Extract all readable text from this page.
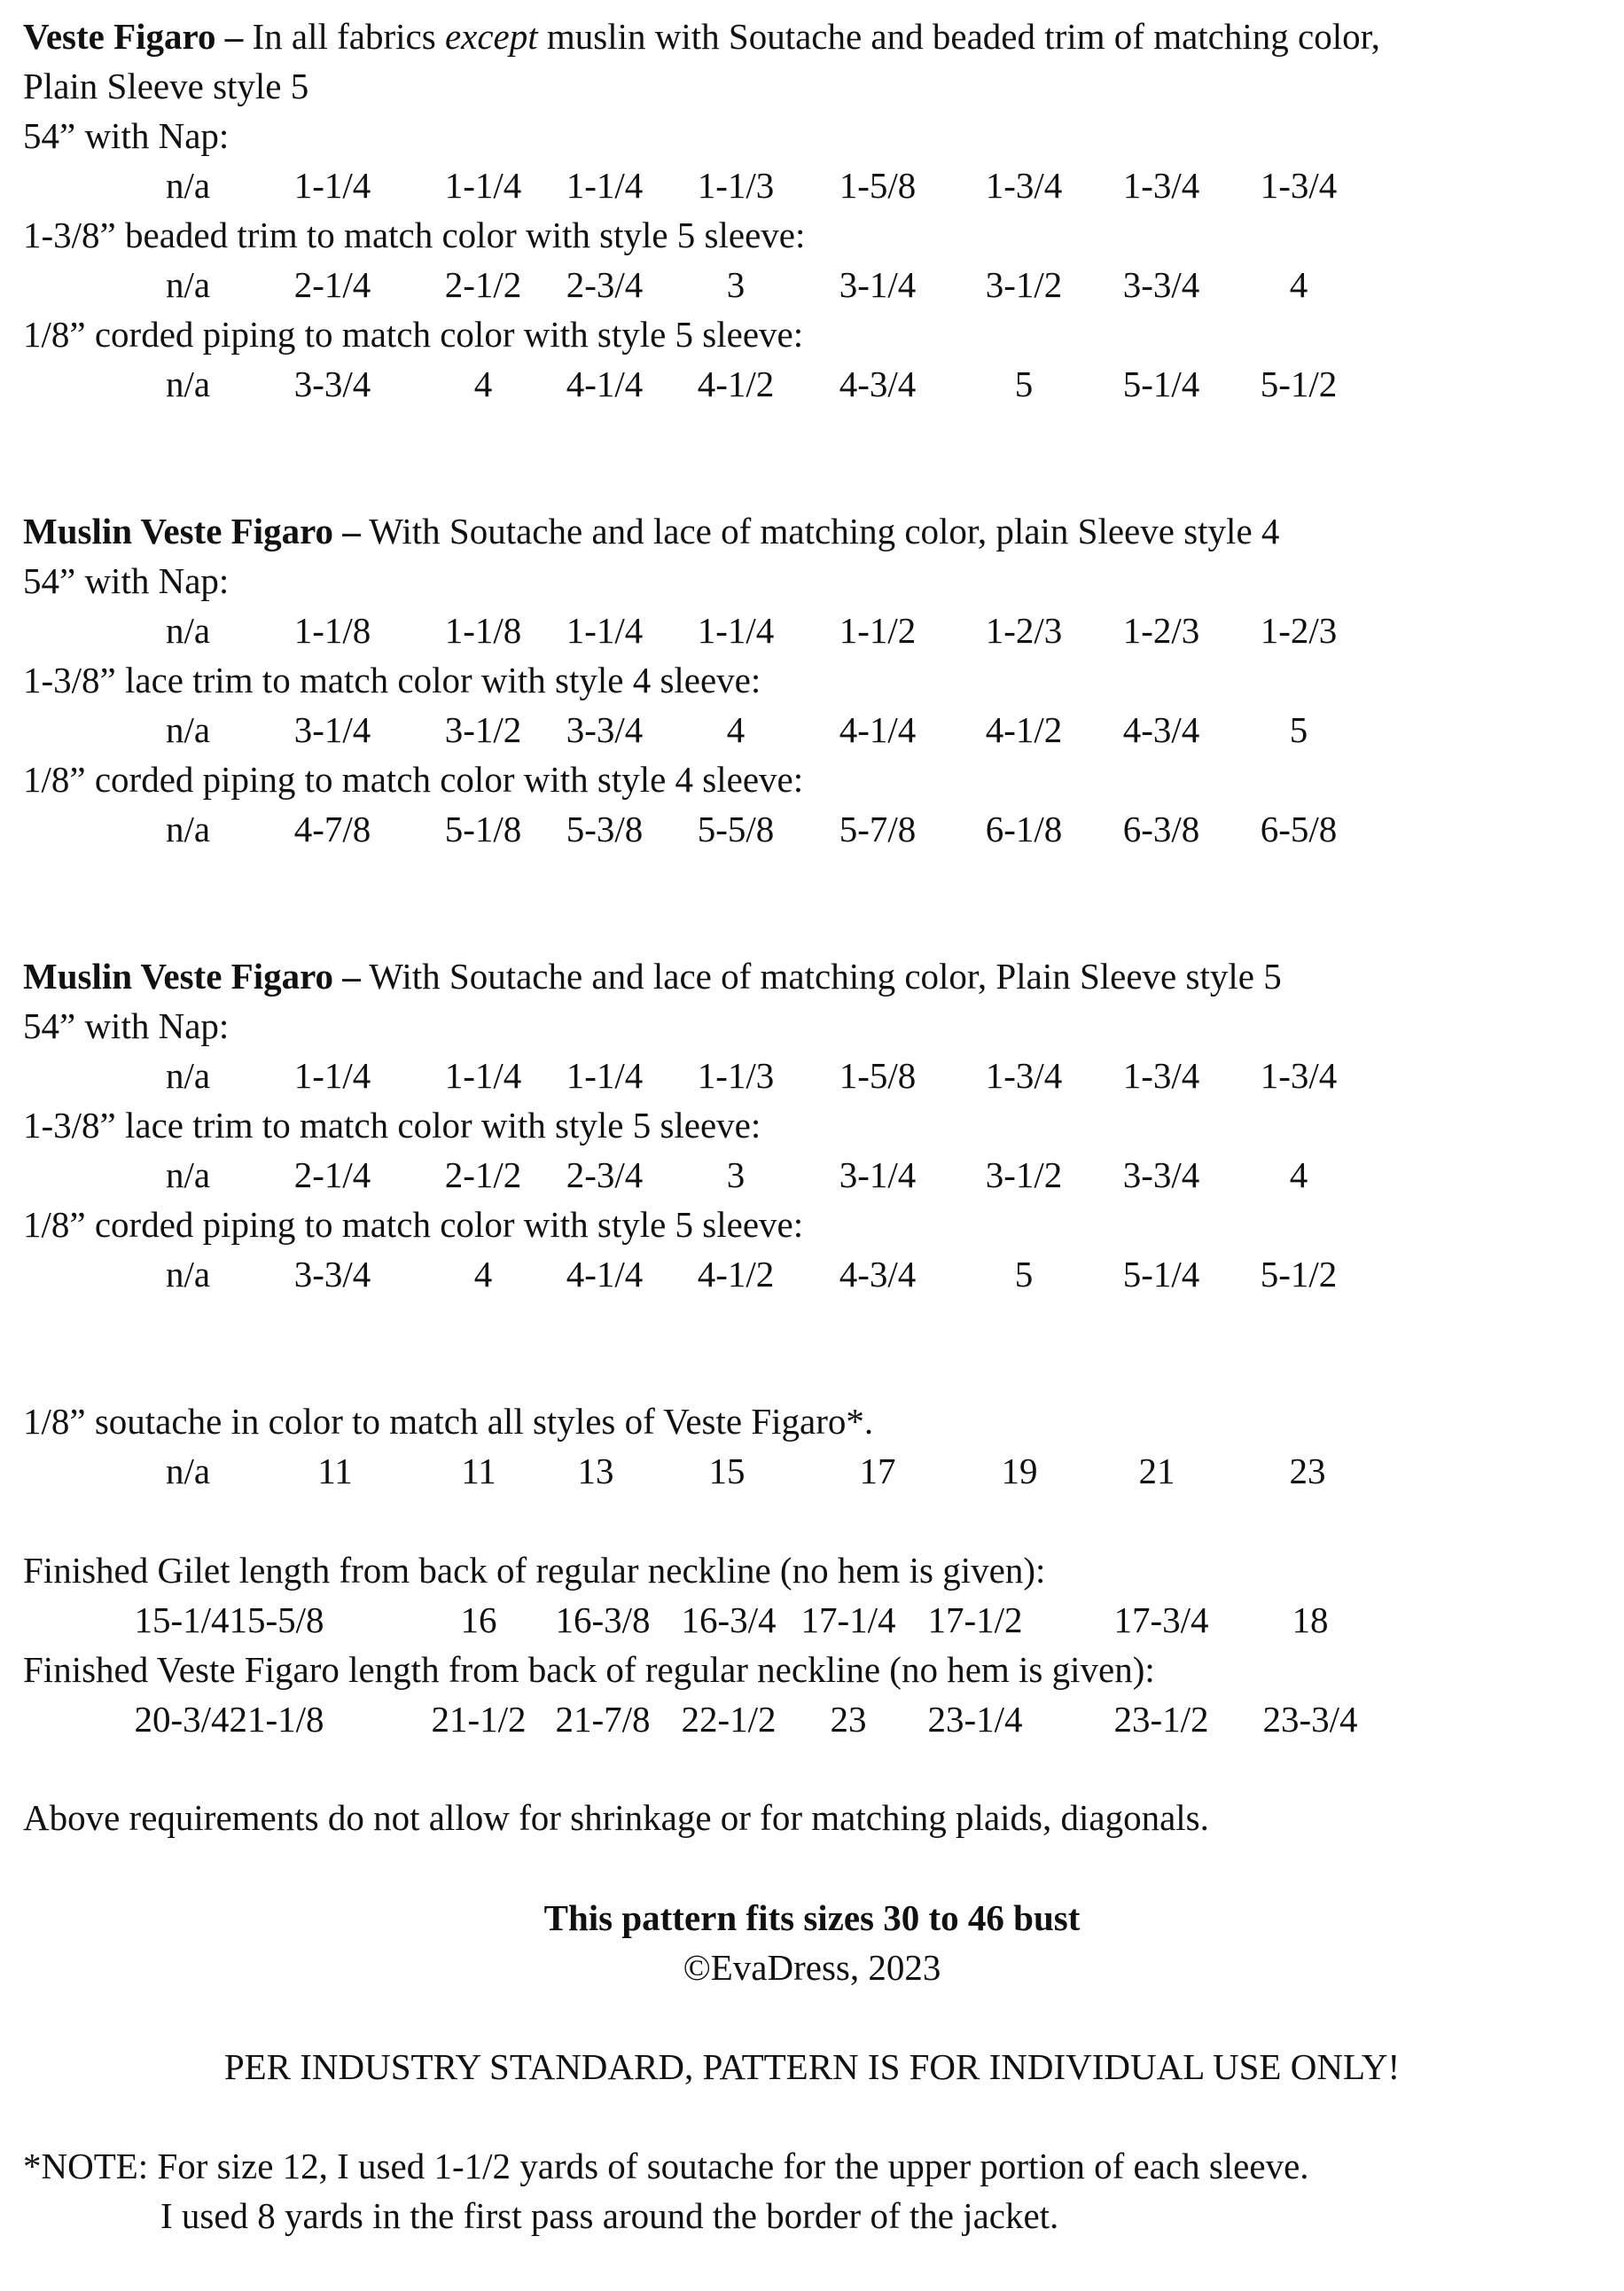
Veste Figaro – In all fabrics except muslin with Soutache and beaded trim of matching color,
Plain Sleeve style 5
54” with Nap:
n/a 1-1/4 1-1/4 1-1/4 1-1/3 1-5/8 1-3/4 1-3/4 1-3/4
1-3/8” beaded trim to match color with style 5 sleeve:
n/a 2-1/4 2-1/2 2-3/4 3	3-1/4 3-1/2 3-3/4 4
1/8” corded piping to match color with style 5 sleeve:
n/a 3-3/4	4 4-1/4 4-1/2 4-3/4	5 5-1/4 5-1/2
Muslin Veste Figaro – With Soutache and lace of matching color, plain Sleeve style 4
54” with Nap:
n/a 1-1/8 1-1/8 1-1/4 1-1/4 1-1/2 1-2/3 1-2/3 1-2/3
1-3/8” lace trim to match color with style 4 sleeve:
n/a 3-1/4 3-1/2 3-3/4 4	4-1/4 4-1/2 4-3/4 5
1/8” corded piping to match color with style 4 sleeve:
n/a 4-7/8 5-1/8 5-3/8 5-5/8 5-7/8 6-1/8 6-3/8 6-5/8
Muslin Veste Figaro – With Soutache and lace of matching color, Plain Sleeve style 5
54” with Nap:
n/a 1-1/4 1-1/4 1-1/4 1-1/3 1-5/8 1-3/4 1-3/4 1-3/4
1-3/8” lace trim to match color with style 5 sleeve:
n/a 2-1/4 2-1/2 2-3/4 3	3-1/4 3-1/2 3-3/4 4
1/8” corded piping to match color with style 5 sleeve:
n/a 3-3/4	4 4-1/4 4-1/2 4-3/4	5 5-1/4 5-1/2
1/8” soutache in color to match all styles of Veste Figaro*.
n/a	11	11 13	15	17	19	21	23
Finished Gilet length from back of regular neckline (no hem is given):
15-1/4 15-5/8	16 16-3/8 16-3/4 17-1/4 17-1/2	17-3/4 18
Finished Veste Figaro length from back of regular neckline (no hem is given):
20-3/4 21-1/8	21-1/2 21-7/8 22-1/2 23 23-1/4	23-1/2 23-3/4
Above requirements do not allow for shrinkage or for matching plaids, diagonals.
This pattern fits sizes 30 to 46 bust
©EvaDress, 2023
PER INDUSTRY STANDARD, PATTERN IS FOR INDIVIDUAL USE ONLY!
*NOTE: For size 12, I used 1-1/2 yards of soutache for the upper portion of each sleeve.
I used 8 yards in the first pass around the border of the jacket.
